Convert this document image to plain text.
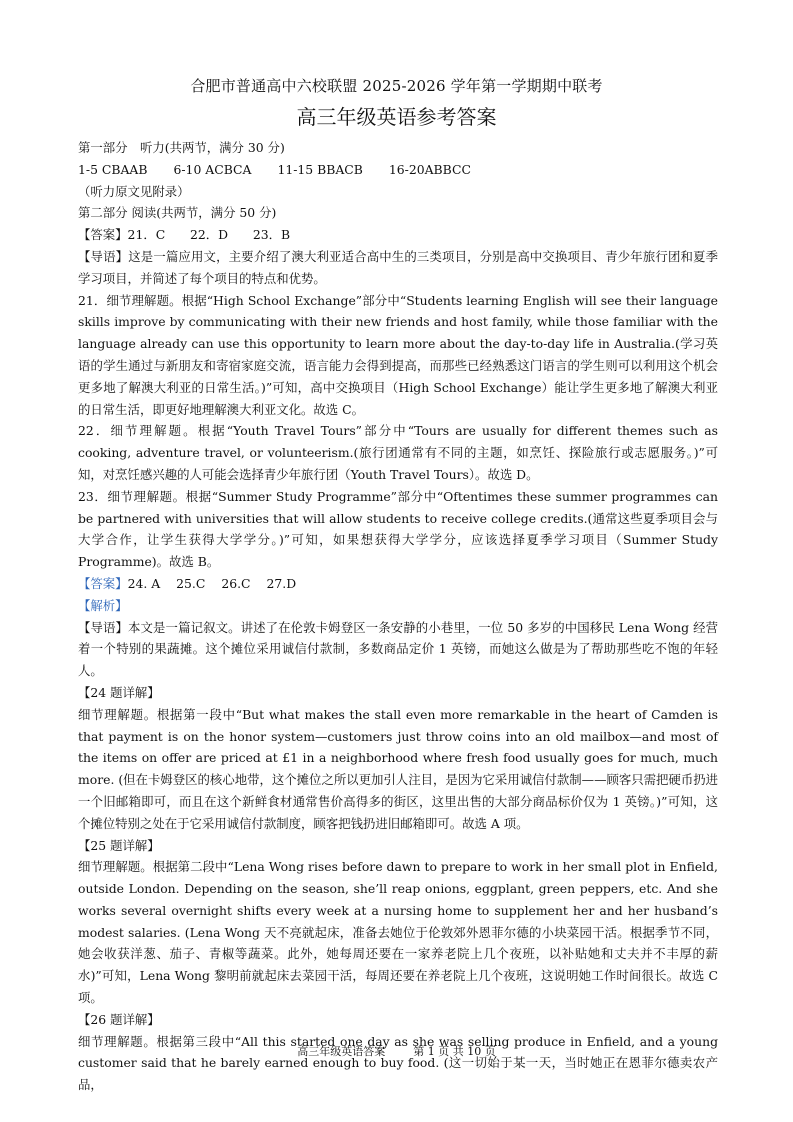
合肥市普通高中六校联盟 2025-2026 学年第一学期期中联考
高三年级英语参考答案

第一部分　听力(共两节，满分 30 分)

1-5 CBAAB 6-10 ACBCA 11-15 BBACB 16-20ABBCC

（听力原文见附录）

第二部分 阅读(共两节，满分 50 分)

【答案】21．C　　22．D　　23．B

【导语】这是一篇应用文，主要介绍了澳大利亚适合高中生的三类项目，分别是高中交换项目、青少年旅行团和夏季学习项目，并简述了每个项目的特点和优势。

21．细节理解题。根据“High School Exchange”部分中“Students learning English will see their language skills improve by communicating with their new friends and host family, while those familiar with the language already can use this opportunity to learn more about the day-to-day life in Australia.(学习英语的学生通过与新朋友和寄宿家庭交流，语言能力会得到提高，而那些已经熟悉这门语言的学生则可以利用这个机会更多地了解澳大利亚的日常生活。)”可知，高中交换项目（High School Exchange）能让学生更多地了解澳大利亚的日常生活，即更好地理解澳大利亚文化。故选 C。

22．细节理解题。根据“Youth Travel Tours”部分中“Tours are usually for different themes such as cooking, adventure travel, or volunteerism.(旅行团通常有不同的主题，如烹饪、探险旅行或志愿服务。)”可知，对烹饪感兴趣的人可能会选择青少年旅行团（Youth Travel Tours）。故选 D。

23．细节理解题。根据“Summer Study Programme”部分中“Oftentimes these summer programmes can be partnered with universities that will allow students to receive college credits.(通常这些夏季项目会与大学合作，让学生获得大学学分。)”可知，如果想获得大学学分，应该选择夏季学习项目（Summer Study Programme)。故选 B。

【答案】24. A 25.C 26.C 27.D

【解析】

【导语】本文是一篇记叙文。讲述了在伦敦卡姆登区一条安静的小巷里，一位 50 多岁的中国移民 Lena Wong 经营着一个特别的果蔬摊。这个摊位采用诚信付款制，多数商品定价 1 英镑，而她这么做是为了帮助那些吃不饱的年轻人。

【24 题详解】

细节理解题。根据第一段中“But what makes the stall even more remarkable in the heart of Camden is that payment is on the honor system—customers just throw coins into an old mailbox—and most of the items on offer are priced at £1 in a neighborhood where fresh food usually goes for much, much more. (但在卡姆登区的核心地带，这个摊位之所以更加引人注目，是因为它采用诚信付款制——顾客只需把硬币扔进一个旧邮箱即可，而且在这个新鲜食材通常售价高得多的街区，这里出售的大部分商品标价仅为 1 英镑。)”可知，这个摊位特别之处在于它采用诚信付款制度，顾客把钱扔进旧邮箱即可。故选 A 项。

【25 题详解】

细节理解题。根据第二段中“Lena Wong rises before dawn to prepare to work in her small plot in Enfield, outside London. Depending on the season, she’ll reap onions, eggplant, green peppers, etc. And she works several overnight shifts every week at a nursing home to supplement her and her husband’s modest salaries. (Lena Wong 天不亮就起床，准备去她位于伦敦郊外恩菲尔德的小块菜园干活。根据季节不同，她会收获洋葱、茄子、青椒等蔬菜。此外，她每周还要在一家养老院上几个夜班，以补贴她和丈夫并不丰厚的薪水)”可知，Lena Wong 黎明前就起床去菜园干活，每周还要在养老院上几个夜班，这说明她工作时间很长。故选 C 项。

【26 题详解】

细节理解题。根据第三段中“All this started one day as she was selling produce in Enfield, and a young customer said that he barely earned enough to buy food. (这一切始于某一天，当时她正在恩菲尔德卖农产品，

高三年级英语答案	第 1 页 共 10 页
